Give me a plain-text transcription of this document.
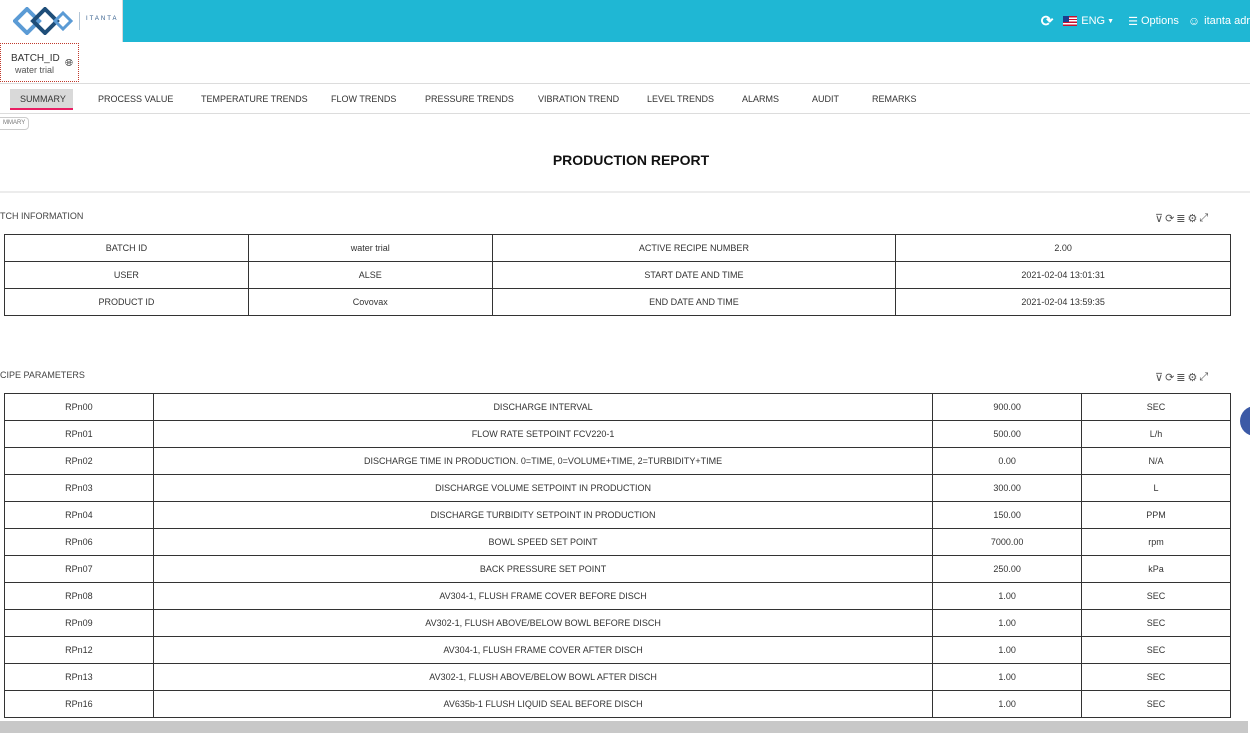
ITANTA	⟳	ENG ▼ ☰ Options ☺ itanta adr
BATCH_ID
water trial
🌐︎
SUMMARY	PROCESS VALUE	TEMPERATURE TRENDS	FLOW TRENDS	PRESSURE TRENDS	VIBRATION TREND	LEVEL TRENDS	ALARMS	AUDIT	REMARKS
MMARY
PRODUCTION REPORT
TCH INFORMATION	⊽ ⟳ ≣ ⚙ ⤢
BATCH ID	water trial	ACTIVE RECIPE NUMBER	2.00
USER	ALSE	START DATE AND TIME	2021-02-04 13:01:31
PRODUCT ID	Covovax	END DATE AND TIME	2021-02-04 13:59:35
CIPE PARAMETERS	⊽ ⟳ ≣ ⚙ ⤢
RPn00	DISCHARGE INTERVAL	900.00	SEC
RPn01	FLOW RATE SETPOINT FCV220-1	500.00	L/h
RPn02	DISCHARGE TIME IN PRODUCTION. 0=TIME, 0=VOLUME+TIME, 2=TURBIDITY+TIME	0.00	N/A
RPn03	DISCHARGE VOLUME SETPOINT IN PRODUCTION	300.00	L
RPn04	DISCHARGE TURBIDITY SETPOINT IN PRODUCTION	150.00	PPM
RPn06	BOWL SPEED SET POINT	7000.00	rpm
RPn07	BACK PRESSURE SET POINT	250.00	kPa
RPn08	AV304-1, FLUSH FRAME COVER BEFORE DISCH	1.00	SEC
RPn09	AV302-1, FLUSH ABOVE/BELOW BOWL BEFORE DISCH	1.00	SEC
RPn12	AV304-1, FLUSH FRAME COVER AFTER DISCH	1.00	SEC
RPn13	AV302-1, FLUSH ABOVE/BELOW BOWL AFTER DISCH	1.00	SEC
RPn16	AV635b-1 FLUSH LIQUID SEAL BEFORE DISCH	1.00	SEC
